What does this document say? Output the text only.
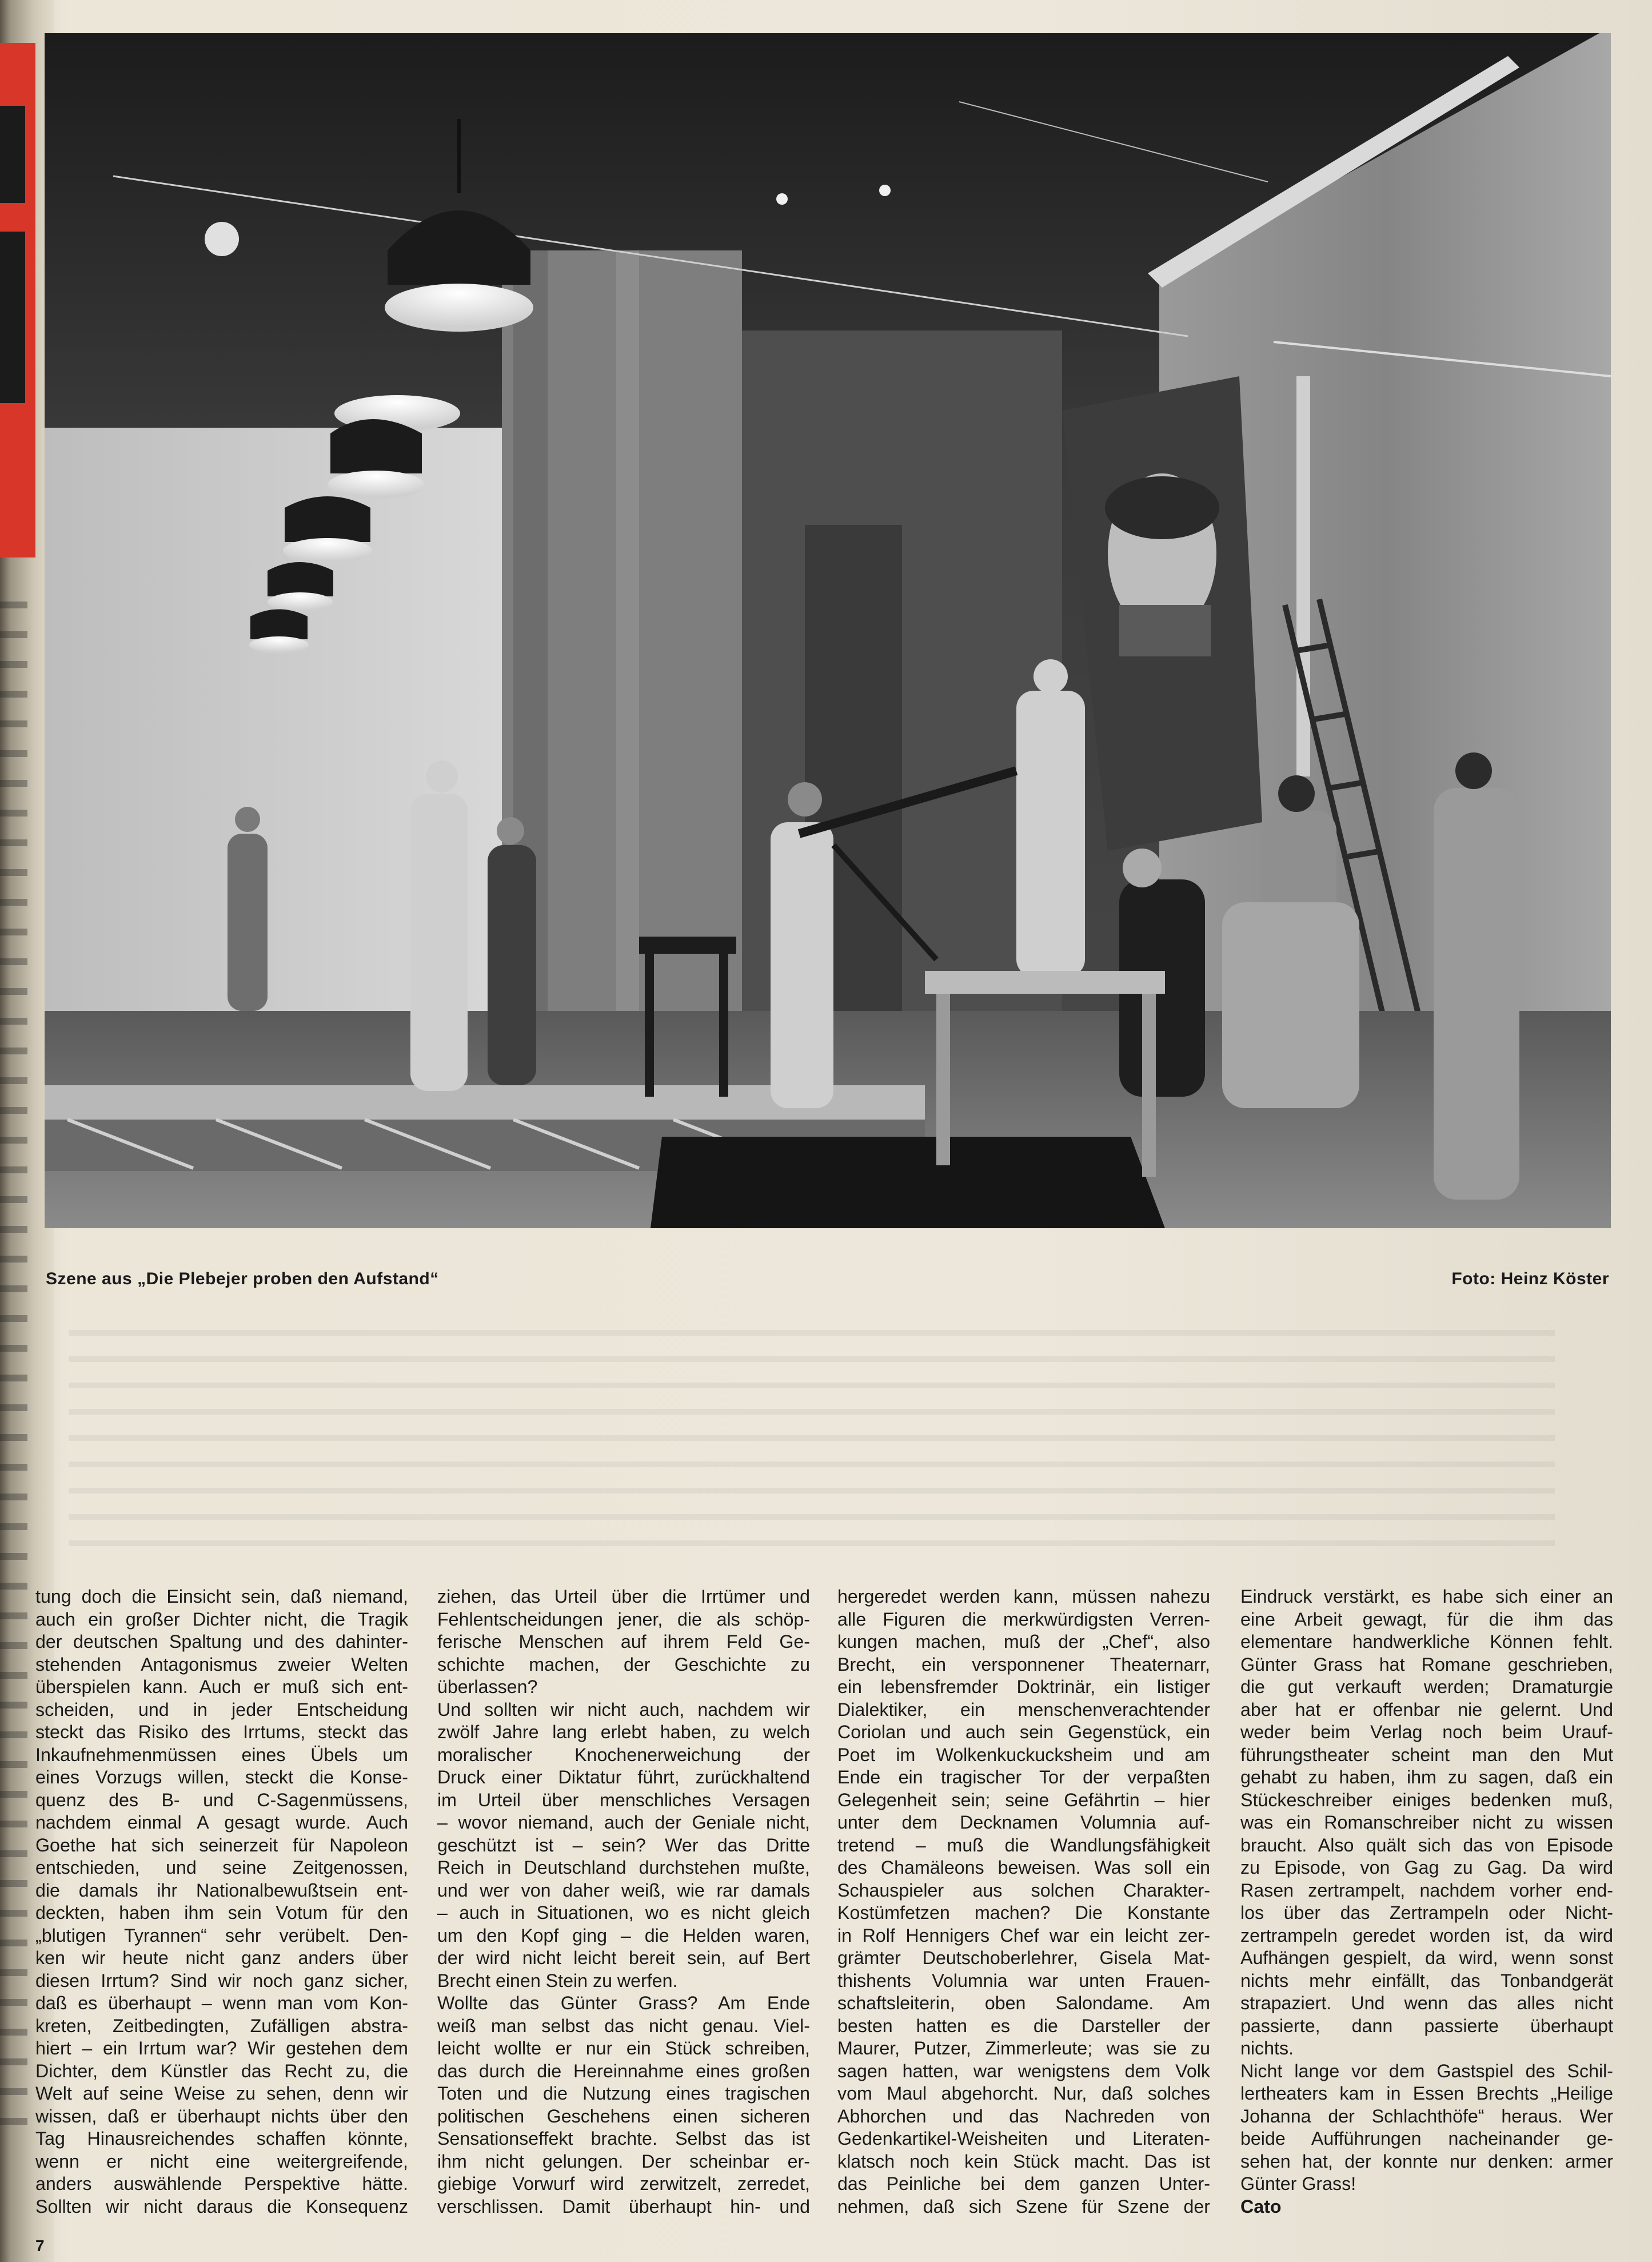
Szene aus „Die Plebejer proben den Aufstand“	Foto: Heinz Köster
tung doch die Einsicht sein, daß niemand,
auch ein großer Dichter nicht, die Tragik
der deutschen Spaltung und des dahinter-
stehenden Antagonismus zweier Welten
überspielen kann. Auch er muß sich ent-
scheiden, und in jeder Entscheidung
steckt das Risiko des Irrtums, steckt das
Inkaufnehmenmüssen eines Übels um
eines Vorzugs willen, steckt die Konse-
quenz des B- und C-Sagenmüssens,
nachdem einmal A gesagt wurde. Auch
Goethe hat sich seinerzeit für Napoleon
entschieden, und seine Zeitgenossen,
die damals ihr Nationalbewußtsein ent-
deckten, haben ihm sein Votum für den
„blutigen Tyrannen“ sehr verübelt. Den-
ken wir heute nicht ganz anders über
diesen Irrtum? Sind wir noch ganz sicher,
daß es überhaupt – wenn man vom Kon-
kreten, Zeitbedingten, Zufälligen abstra-
hiert – ein Irrtum war? Wir gestehen dem
Dichter, dem Künstler das Recht zu, die
Welt auf seine Weise zu sehen, denn wir
wissen, daß er überhaupt nichts über den
Tag Hinausreichendes schaffen könnte,
wenn er nicht eine weitergreifende,
anders auswählende Perspektive hätte.
Sollten wir nicht daraus die Konsequenz
ziehen, das Urteil über die Irrtümer und
Fehlentscheidungen jener, die als schöp-
ferische Menschen auf ihrem Feld Ge-
schichte machen, der Geschichte zu
überlassen?
Und sollten wir nicht auch, nachdem wir
zwölf Jahre lang erlebt haben, zu welch
moralischer Knochenerweichung der
Druck einer Diktatur führt, zurückhaltend
im Urteil über menschliches Versagen
– wovor niemand, auch der Geniale nicht,
geschützt ist – sein? Wer das Dritte
Reich in Deutschland durchstehen mußte,
und wer von daher weiß, wie rar damals
– auch in Situationen, wo es nicht gleich
um den Kopf ging – die Helden waren,
der wird nicht leicht bereit sein, auf Bert
Brecht einen Stein zu werfen.
Wollte das Günter Grass? Am Ende
weiß man selbst das nicht genau. Viel-
leicht wollte er nur ein Stück schreiben,
das durch die Hereinnahme eines großen
Toten und die Nutzung eines tragischen
politischen Geschehens einen sicheren
Sensationseffekt brachte. Selbst das ist
ihm nicht gelungen. Der scheinbar er-
giebige Vorwurf wird zerwitzelt, zerredet,
verschlissen. Damit überhaupt hin- und
hergeredet werden kann, müssen nahezu
alle Figuren die merkwürdigsten Verren-
kungen machen, muß der „Chef“, also
Brecht, ein versponnener Theaternarr,
ein lebensfremder Doktrinär, ein listiger
Dialektiker, ein menschenverachtender
Coriolan und auch sein Gegenstück, ein
Poet im Wolkenkuckucksheim und am
Ende ein tragischer Tor der verpaßten
Gelegenheit sein; seine Gefährtin – hier
unter dem Decknamen Volumnia auf-
tretend – muß die Wandlungsfähigkeit
des Chamäleons beweisen. Was soll ein
Schauspieler aus solchen Charakter-
Kostümfetzen machen? Die Konstante
in Rolf Hennigers Chef war ein leicht zer-
grämter Deutschoberlehrer, Gisela Mat-
thishents Volumnia war unten Frauen-
schaftsleiterin, oben Salondame. Am
besten hatten es die Darsteller der
Maurer, Putzer, Zimmerleute; was sie zu
sagen hatten, war wenigstens dem Volk
vom Maul abgehorcht. Nur, daß solches
Abhorchen und das Nachreden von
Gedenkartikel-Weisheiten und Literaten-
klatsch noch kein Stück macht. Das ist
das Peinliche bei dem ganzen Unter-
nehmen, daß sich Szene für Szene der
Eindruck verstärkt, es habe sich einer an
eine Arbeit gewagt, für die ihm das
elementare handwerkliche Können fehlt.
Günter Grass hat Romane geschrieben,
die gut verkauft werden; Dramaturgie
aber hat er offenbar nie gelernt. Und
weder beim Verlag noch beim Urauf-
führungstheater scheint man den Mut
gehabt zu haben, ihm zu sagen, daß ein
Stückeschreiber einiges bedenken muß,
was ein Romanschreiber nicht zu wissen
braucht. Also quält sich das von Episode
zu Episode, von Gag zu Gag. Da wird
Rasen zertrampelt, nachdem vorher end-
los über das Zertrampeln oder Nicht-
zertrampeln geredet worden ist, da wird
Aufhängen gespielt, da wird, wenn sonst
nichts mehr einfällt, das Tonbandgerät
strapaziert. Und wenn das alles nicht
passierte, dann passierte überhaupt
nichts.
Nicht lange vor dem Gastspiel des Schil-
lertheaters kam in Essen Brechts „Heilige
Johanna der Schlachthöfe“ heraus. Wer
beide Aufführungen nacheinander ge-
sehen hat, der konnte nur denken: armer
Günter Grass!
Cato
7
